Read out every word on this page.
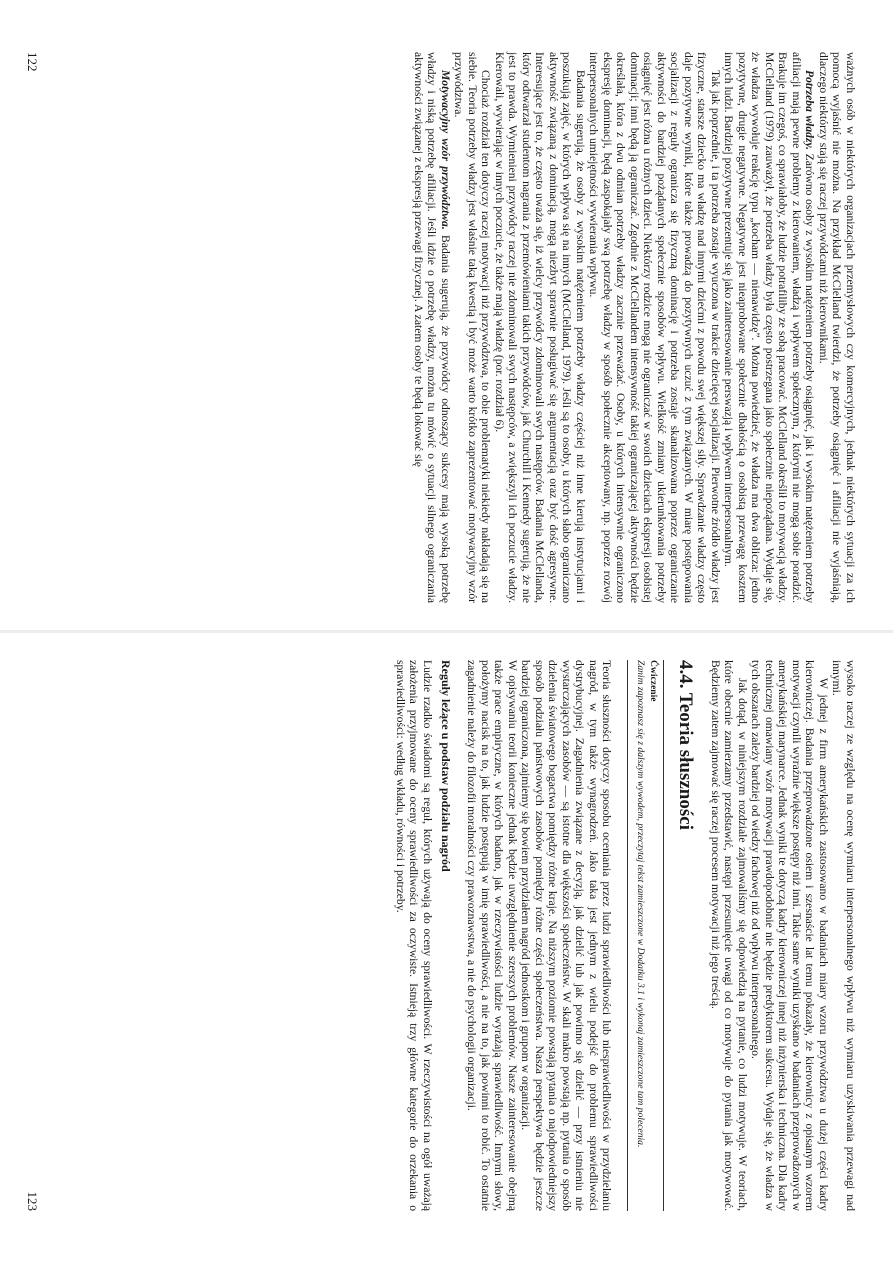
ważnych osób w niektórych organizacjach przemysłowych czy komercyjnych, jednak niektórych sytuacji za ich pomocą wyjaśnić nie można. Na przykład McClelland twierdzi, że potrzeby osiągnięć i afiliacji nie wyjaśniają, dlaczego niektórzy stają się raczej przywódcami niż kierownikami.

Potrzeba władzy. Zarówno osoby z wysokim natężeniem potrzeby osiągnięć, jak i wysokim natężeniem potrzeby afiliacji mają pewne problemy z kierowaniem, władzą i wpływem społecznym, z którymi nie mogą sobie poradzić. Brakuje im czegoś, co sprawiałoby, że ludzie potrafiliby ze sobą pracować. McClelland określił to motywacją władzy. McClelland (1979) zauważył, że potrzeba władzy była często postrzegana jako społecznie niepożądana. Wydaje się, że władza wywołuje reakcję typu „kocham — nienawidzę”. Można powiedzieć, że władza ma dwa oblicza: jedno pozytywne, drugie negatywne. Negatywne jest nieaprobowane społecznie dbałością o osobistą przewagę kosztem innych ludzi. Bardziej pozytywne prezentuje się jako zainteresowanie perswazją i wpływem interpersonalnym.

Tak jak poprzednie, i ta potrzeba zostaje wyuczona w trakcie dziecięcej socjalizacji. Pierwotne źródło władzy jest fizyczne, starsze dziecko ma władzę nad innymi dziećmi z powodu swej większej siły. Sprawdzanie władzy często daje pozytywne wyniki, które także prowadzą do pozytywnych uczuć z tym związanych. W miarę postępowania socjalizacji z reguły ogranicza się fizyczną dominację i potrzeba zostaje skanalizowana poprzez ograniczanie aktywności do bardziej pożądanych społecznie sposobów wpływu. Wielkość zmiany ukierunkowania potrzeby osiągnięć jest różna u różnych dzieci. Niektórzy rodzice mogą nie ograniczać w swoich dzieciach ekspresji osobistej dominacji; inni będą ją ograniczać. Zgodnie z McClellandem intensywność takiej ograniczającej aktywności będzie określała, która z dwu odmian potrzeby władzy zacznie przeważać. Osoby, u których intensywnie ograniczono ekspresję dominacji, będą zaspokajały swą potrzebę władzy w sposób społecznie akceptowany, np. poprzez rozwój interpersonalnych umiejętności wywierania wpływu.

Badania sugerują, że osoby z wysokim natężeniem potrzeby władzy częściej niż inne kierują instytucjami i poszukują zajęć, w których wpływa się na innych (McClelland, 1979). Jeśli są to osoby, u których słabo ograniczano aktywność związaną z dominacją, mogą niezbyt sprawnie posługiwać się argumentacją oraz być dość agresywne. Interesujące jest to, że często uważa się, iż wielcy przywódcy zdominowali swych następców. Badania McClellanda, który odtwarzał studentom nagrania z przemówieniami takich przywódców, jak Churchill i Kennedy sugerują, że nie jest to prawda. Wymienieni przywódcy raczej nie zdominowali swych następców, a zwiększyli ich poczucie władzy. Kierowali, wywierając w innych poczucie, że także mają władzę (por. rozdział 6).

Chociaż rozdział ten dotyczy raczej motywacji niż przywództwa, to obie problematyki niekiedy nakładają się na siebie. Teoria potrzeby władzy jest właśnie taką kwestią i być może warto krótko zaprezentować motywacyjny wzór przywództwa.

Motywacyjny wzór przywództwa. Badania sugerują, że przywódcy odnoszący sukcesy mają wysoką potrzebę władzy i niską potrzebę afiliacji. Jeśli idzie o potrzebę władzy, można tu mówić o sytuacji silnego ograniczania aktywności związanej z ekspresją przewagi fizycznej. A zatem osoby te będą lokować się

122

wysoko raczej ze względu na ocenę wymiaru interpersonalnego wpływu niż wymiaru uzyskiwania przewagi nad innymi.

W jednej z firm amerykańskich zastosowano w badaniach miary wzoru przywództwa u dużej części kadry kierowniczej. Badania przeprowadzone osiem i szesnaście lat temu pokazały, że kierownicy z opisanym wzorem motywacji czynili wyraźnie większe postępy niż inni. Takie same wyniki uzyskano w badaniach przeprowadzonych w amerykańskiej marynarce. Jednak wyniki te dotyczą kadry kierowniczej innej niż inżynierska i techniczna. Dla kadry technicznej omawiany wzór motywacji prawdopodobnie nie będzie predyktorem sukcesu. Wydaje się, że władza w tych obszarach zależy bardziej od wiedzy fachowej niż od wpływu interpersonalnego.

Jak dotąd, w niniejszym rozdziale zajmowaliśmy się odpowiedzią na pytanie, co ludzi motywuje. W teoriach, które obecnie zamierzamy przedstawić, następi przesunięcie uwagi od co motywuje do pytania jak motywować. Będziemy zatem zajmować się raczej procesem motywacji niż jego treścią.

4.4. Teoria słuszności
Ćwiczenie
Zanim zapoznasz się z dalszym wywodem, przeczytaj tekst zamieszczone w Dodatku 3.1 i wykonaj zamieszczone tam polecenia.

Teoria słuszności dotyczy sposobu oceniania przez ludzi sprawiedliwości lub niesprawiedliwości w przydzielaniu nagród, w tym także wynagrodzeń. Jako taka jest jednym z wielu podejść do problemu sprawiedliwości dystrybucyjnej. Zagadnienia związane z decyzją, jak dzielić lub jak powinno się dzielić — przy istnieniu nie wystarczających zasobów — są istotne dla większości społeczeństw. W skali makro powstają np. pytania o sposób dzielenia światowego bogactwa pomiędzy różne kraje. Na niższym poziomie powstają pytania o najodpowiedniejszy sposób podziału państwowych zasobów pomiędzy różne części społeczeństwa. Nasza perspektywa będzie jeszcze bardziej ograniczona, zajmiemy się bowiem przydziałem nagród jednostkom i grupom w organizacji.

W opisywaniu teorii konieczne jednak będzie uwzględnienie szerszych problemów. Nasze zainteresowanie obejmą także prace empiryczne, w których badano, jak w rzeczywistości ludzie wyrażają sprawiedliwość. Innymi słowy, położymy nacisk na to, jak ludzie postępują w imię sprawiedliwości, a nie na to, jak powinni to robić. To ostatnie zagadnienie należy do filozofii moralności czy prawoznawstwa, a nie do psychologii organizacji.

Reguły leżące u podstaw podziału nagród

Ludzie rzadko świadomi są reguł, których używają do oceny sprawiedliwości. W rzeczywistości na ogół uważają założenia przyjmowane do oceny sprawiedliwości za oczywiste. Istnieją trzy główne kategorie do orzekania o sprawiedliwości: według wkładu, równości i potrzeby.

123
